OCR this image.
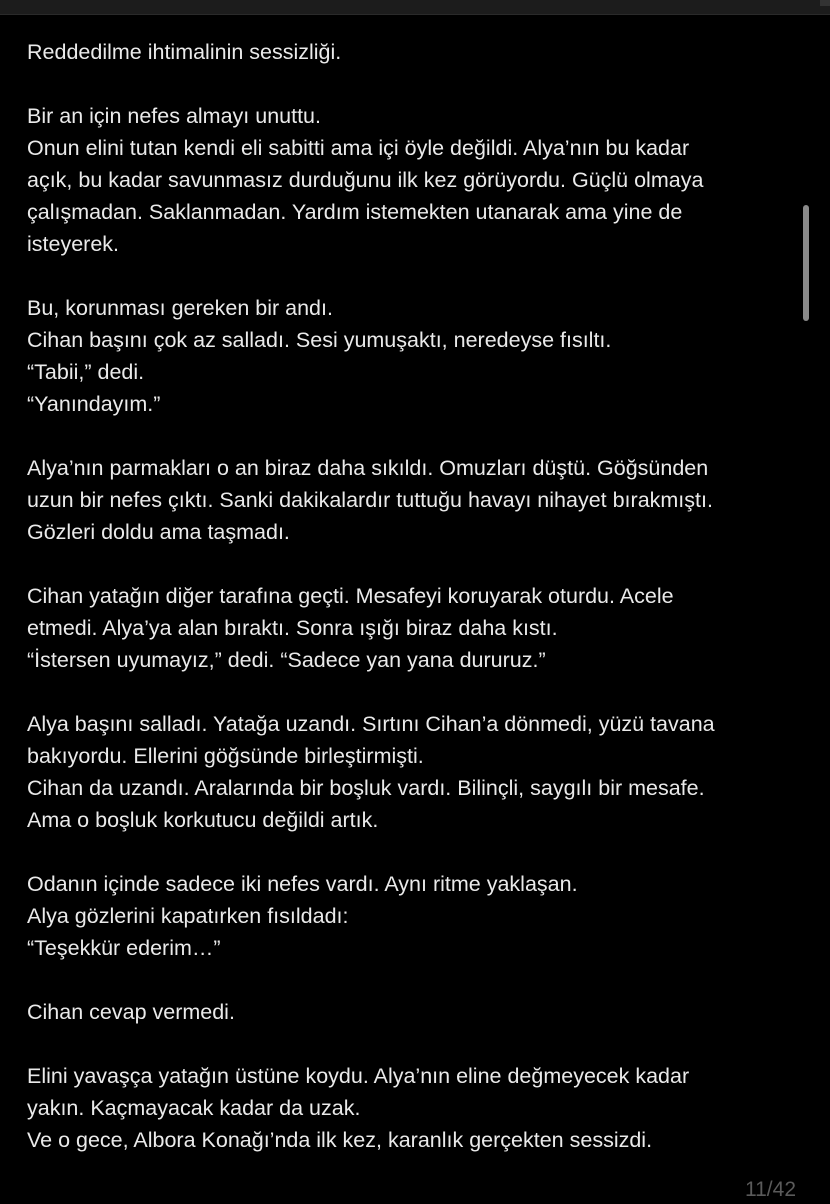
Reddedilme ihtimalinin sessizliği.
Bir an için nefes almayı unuttu.
Onun elini tutan kendi eli sabitti ama içi öyle değildi. Alya’nın bu kadar
açık, bu kadar savunmasız durduğunu ilk kez görüyordu. Güçlü olmaya
çalışmadan. Saklanmadan. Yardım istemekten utanarak ama yine de
isteyerek.
Bu, korunması gereken bir andı.
Cihan başını çok az salladı. Sesi yumuşaktı, neredeyse fısıltı.
“Tabii,” dedi.
“Yanındayım.”
Alya’nın parmakları o an biraz daha sıkıldı. Omuzları düştü. Göğsünden
uzun bir nefes çıktı. Sanki dakikalardır tuttuğu havayı nihayet bırakmıştı.
Gözleri doldu ama taşmadı.
Cihan yatağın diğer tarafına geçti. Mesafeyi koruyarak oturdu. Acele
etmedi. Alya’ya alan bıraktı. Sonra ışığı biraz daha kıstı.
“İstersen uyumayız,” dedi. “Sadece yan yana dururuz.”
Alya başını salladı. Yatağa uzandı. Sırtını Cihan’a dönmedi, yüzü tavana
bakıyordu. Ellerini göğsünde birleştirmişti.
Cihan da uzandı. Aralarında bir boşluk vardı. Bilinçli, saygılı bir mesafe.
Ama o boşluk korkutucu değildi artık.
Odanın içinde sadece iki nefes vardı. Aynı ritme yaklaşan.
Alya gözlerini kapatırken fısıldadı:
“Teşekkür ederim…”
Cihan cevap vermedi.
Elini yavaşça yatağın üstüne koydu. Alya’nın eline değmeyecek kadar
yakın. Kaçmayacak kadar da uzak.
Ve o gece, Albora Konağı’nda ilk kez, karanlık gerçekten sessizdi.
11/42
